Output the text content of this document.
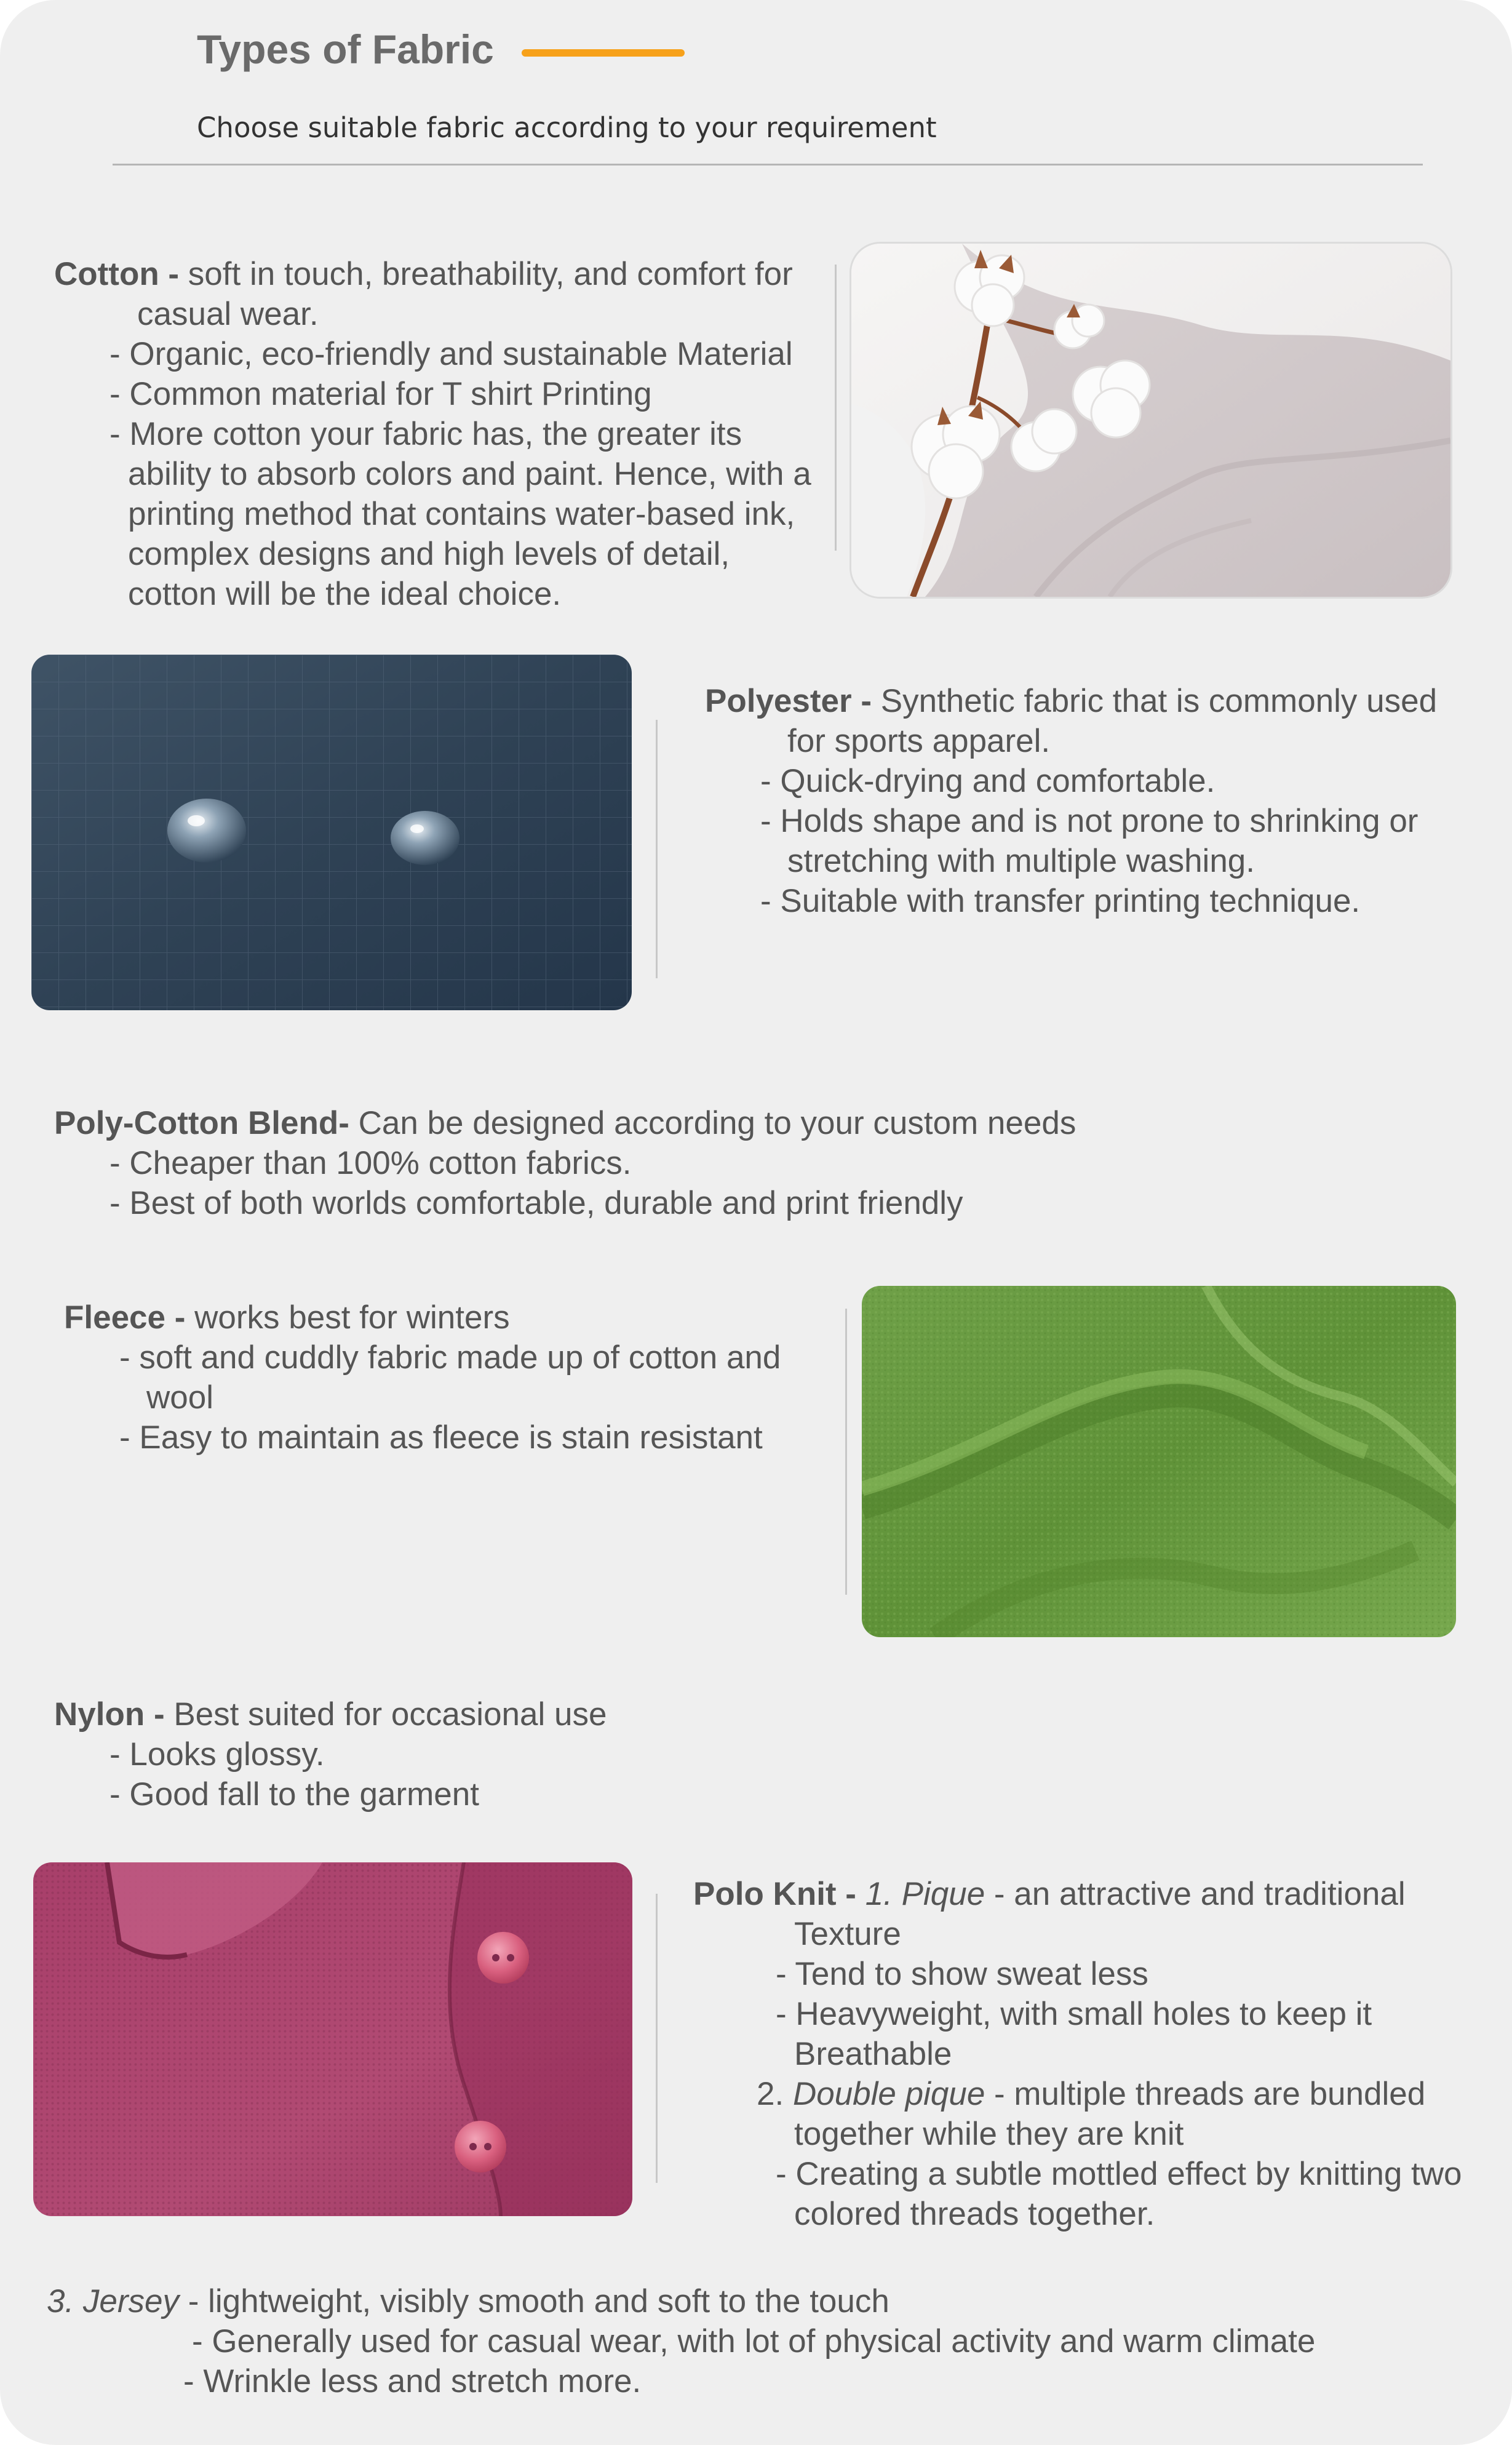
Types of Fabric
Choose suitable fabric according to your requirement
Cotton - soft in touch, breathability, and comfort for
casual wear.
- Organic, eco-friendly and sustainable Material
- Common material for T shirt Printing
- More cotton your fabric has, the greater its
ability to absorb colors and paint. Hence, with a
printing method that contains water-based ink,
complex designs and high levels of detail,
cotton will be the ideal choice.
Polyester - Synthetic fabric that is commonly used
for sports apparel.
- Quick-drying and comfortable.
- Holds shape and is not prone to shrinking or
stretching with multiple washing.
- Suitable with transfer printing technique.
Poly-Cotton Blend- Can be designed according to your custom needs
- Cheaper than 100% cotton fabrics.
- Best of both worlds comfortable, durable and print friendly
Fleece - works best for winters
- soft and cuddly fabric made up of cotton and
wool
- Easy to maintain as fleece is stain resistant
Nylon - Best suited for occasional use
- Looks glossy.
- Good fall to the garment
Polo Knit - 1. Pique - an attractive and traditional
Texture
- Tend to show sweat less
- Heavyweight, with small holes to keep it
Breathable
2. Double pique - multiple threads are bundled
together while they are knit
- Creating a subtle mottled effect by knitting two
colored threads together.
3. Jersey - lightweight, visibly smooth and soft to the touch
- Generally used for casual wear, with lot of physical activity and warm climate
- Wrinkle less and stretch more.
